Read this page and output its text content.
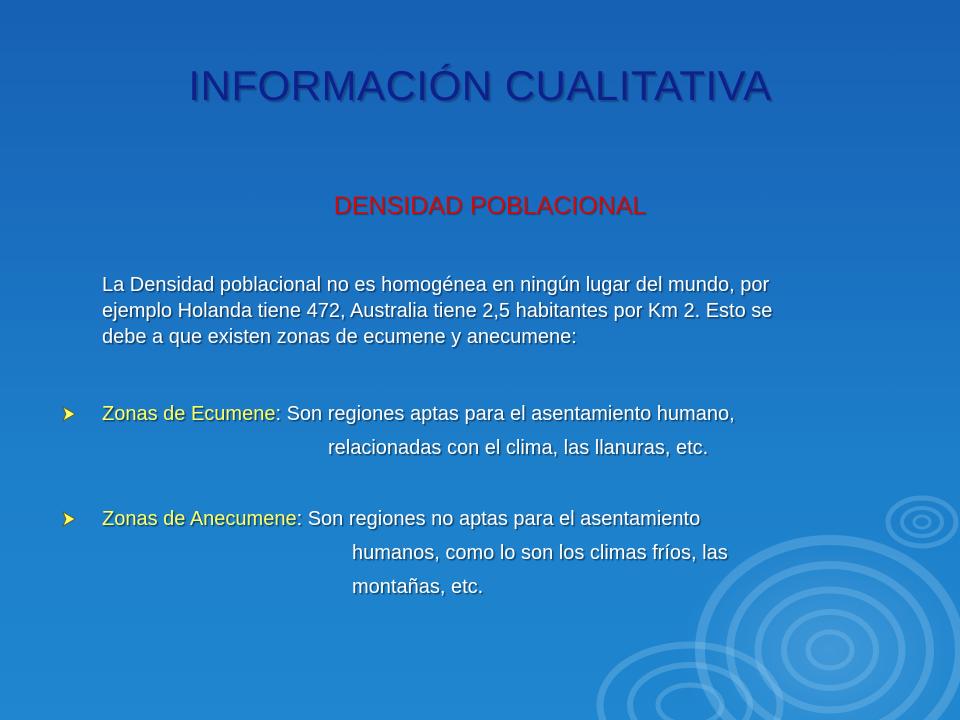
INFORMACIÓN CUALITATIVA
DENSIDAD POBLACIONAL
La Densidad poblacional no es homogénea en ningún lugar del mundo, por
ejemplo Holanda tiene 472, Australia tiene 2,5 habitantes por Km 2. Esto se
debe a que existen zonas de ecumene y anecumene:
Zonas de Ecumene: Son regiones aptas para el asentamiento humano,
relacionadas con el clima, las llanuras, etc.
Zonas de Anecumene: Son regiones no aptas para el asentamiento
humanos, como lo son los climas fríos, las
montañas, etc.
